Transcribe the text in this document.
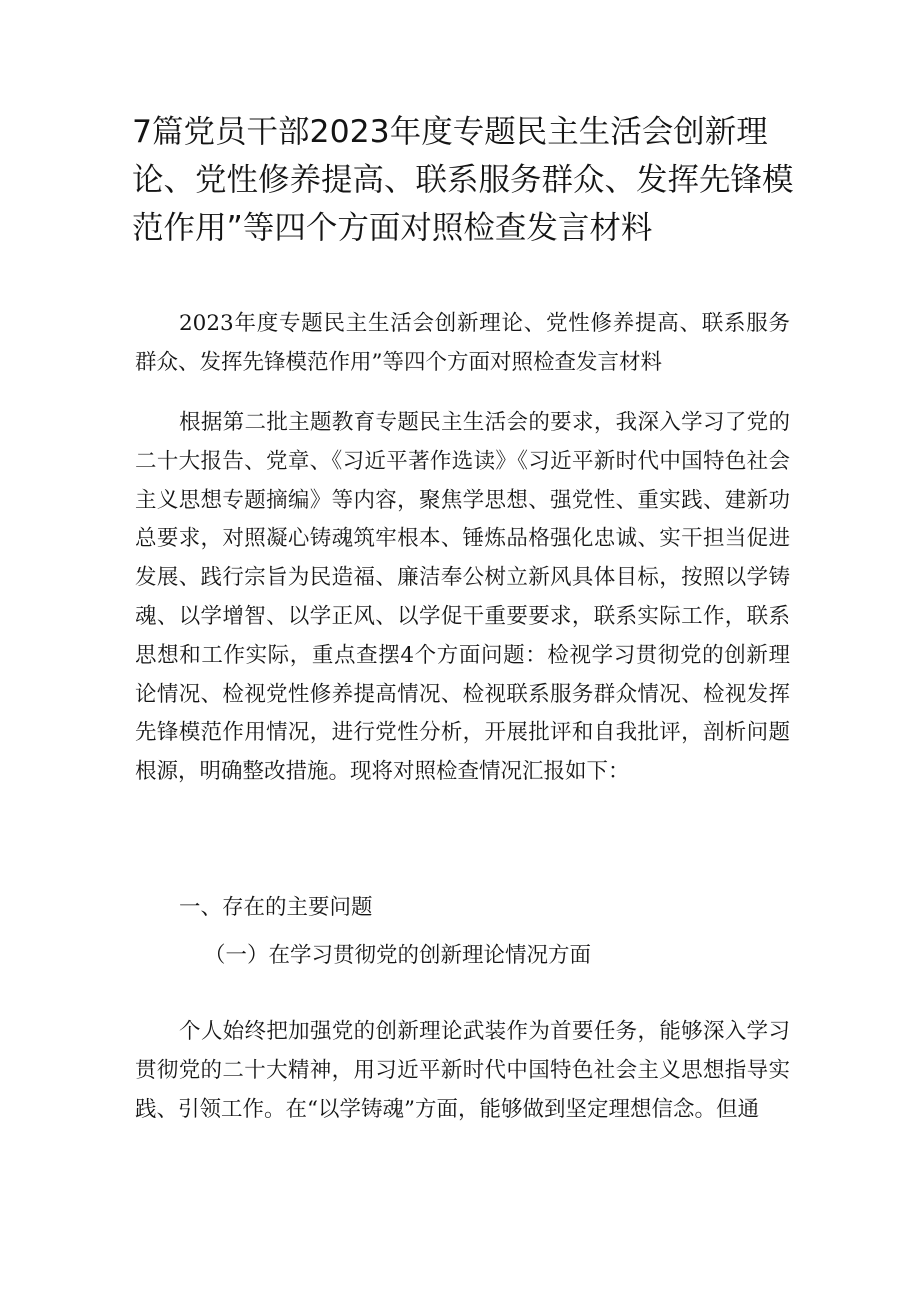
7篇党员干部2023年度专题民主生活会创新理论、党性修养提高、联系服务群众、发挥先锋模范作用”等四个方面对照检查发言材料

2023年度专题民主生活会创新理论、党性修养提高、联系服务群众、发挥先锋模范作用”等四个方面对照检查发言材料

根据第二批主题教育专题民主生活会的要求，我深入学习了党的二十大报告、党章、《习近平著作选读》《习近平新时代中国特色社会主义思想专题摘编》等内容，聚焦学思想、强党性、重实践、建新功总要求，对照凝心铸魂筑牢根本、锤炼品格强化忠诚、实干担当促进发展、践行宗旨为民造福、廉洁奉公树立新风具体目标，按照以学铸魂、以学增智、以学正风、以学促干重要要求，联系实际工作，联系思想和工作实际，重点查摆4个方面问题：检视学习贯彻党的创新理论情况、检视党性修养提高情况、检视联系服务群众情况、检视发挥先锋模范作用情况，进行党性分析，开展批评和自我批评，剖析问题根源，明确整改措施。现将对照检查情况汇报如下：

一、存在的主要问题

（一）在学习贯彻党的创新理论情况方面

个人始终把加强党的创新理论武装作为首要任务，能够深入学习贯彻党的二十大精神，用习近平新时代中国特色社会主义思想指导实践、引领工作。在“以学铸魂”方面，能够做到坚定理想信念。但通
